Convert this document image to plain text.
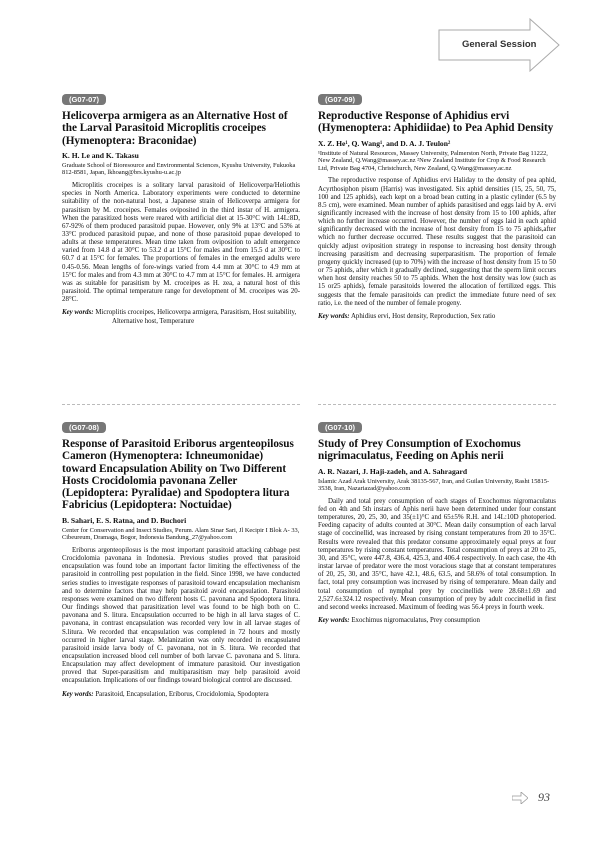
General Session
(G07-07)
Helicoverpa armigera as an Alternative Host of the Larval Parasitoid Microplitis croceipes (Hymenoptera: Braconidae)
K. H. Le and K. Takasu
Graduate School of Bioresource and Environmental Sciences, Kyushu University, Fukuoka 812-8581, Japan, lkhoang@brs.kyushu-u.ac.jp
Microplitis croceipes is a solitary larval parasitoid of Helicoverpa/Heliothis species in North America. Laboratory experiments were conducted to determine suitability of the non-natural host, a Japanese strain of Helicoverpa armigera for parasitism by M. croceipes. Females oviposited in the third instar of H. armigera. When the parasitized hosts were reared with artificial diet at 15-30°C with 14L:8D, 67-92% of them produced parasitoid pupae. However, only 9% at 13°C and 53% at 33°C produced parasitoid pupae, and none of those parasitoid pupae developed to adults at these temperatures. Mean time taken from oviposition to adult emergence varied from 14.8 d at 30°C to 53.2 d at 15°C for males and from 15.5 d at 30°C to 60.7 d at 15°C for females. The proportions of females in the emerged adults were 0.45-0.56. Mean lengths of fore-wings varied from 4.4 mm at 30°C to 4.9 mm at 15°C for males and from 4.3 mm at 30°C to 4.7 mm at 15°C for females. H. armigera was as suitable for parasitism by M. croceipes as H. zea, a natural host of this parasitoid. The optimal temperature range for development of M. croceipes was 20-28°C.
Key words: Microplitis croceipes, Helicoverpa armigera, Parasitism, Host suitability, Alternative host, Temperature
(G07-09)
Reproductive Response of Aphidius ervi (Hymenoptera: Aphidiidae) to Pea Aphid Density
X. Z. He¹, Q. Wang¹, and D. A. J. Teulon²
¹Institute of Natural Resources, Massey University, Palmerston North, Private Bag 11222, New Zealand, Q.Wang@massey.ac.nz ²New Zealand Institute for Crop & Food Research Ltd, Private Bag 4704, Christchurch, New Zealand, Q.Wang@massey.ac.nz
The reproductive response of Aphidius ervi Haliday to the density of pea aphid, Acyrthosiphon pisum (Harris) was investigated. Six aphid densities (15, 25, 50, 75, 100 and 125 aphids), each kept on a broad bean cutting in a plastic cylinder (6.5 by 8.5 cm), were examined. Mean number of aphids parasitised and eggs laid by A. ervi significantly increased with the increase of host density from 15 to 100 aphids, after which no further increase occurred. However, the number of eggs laid in each aphid significantly decreased with the increase of host density from 15 to 75 aphids,after which no further decrease occurred. These results suggest that the parasitoid can quickly adjust oviposition strategy in response to increasing host density through increasing parasitism and decreasing superparasitism. The proportion of female progeny quickly increased (up to 70%) with the increase of host density from 15 to 50 or 75 aphids, after which it gradually declined, suggesting that the sperm limit occurs when host density reaches 50 to 75 aphids. When the host density was low (such as 15 or25 aphids), female parasitoids lowered the allocation of fertilized eggs. This suggests that the female parasitoids can predict the immediate future need of sex ratio, i.e. the need of the number of female progeny.
Key words: Aphidius ervi, Host density, Reproduction, Sex ratio
(G07-08)
Response of Parasitoid Eriborus argenteopilosus Cameron (Hymenoptera: Ichneumonidae) toward Encapsulation Ability on Two Different Hosts Crocidolomia pavonana Zeller (Lepidoptera: Pyralidae) and Spodoptera litura Fabricius (Lepidoptera: Noctuidae)
B. Sahari, E. S. Ratna, and D. Buchori
Center for Conservation and Insect Studies, Perum. Alam Sinar Sari, Jl Kecipir I Blok A- 33, Cibeureum, Dramaga, Bogor, Indonesia Bandung_27@yahoo.com
Eriborus argenteopilosus is the most important parasitoid attacking cabbage pest Crocidolomia pavonana in Indonesia. Previous studies proved that parasitoid encapsulation was found tobe an important factor limiting the effectiveness of the parasitoid in controlling pest population in the field. Since 1998, we have conducted series studies to investigate responses of parasitoid toward encapsulation mechanism and to determine factors that may help parasitoid avoid encapsulation. Parasitoid responses were examined on two different hosts C. pavonana and Spodoptera litura. Our findings showed that parasitization level was found to be high both on C. pavonana and S. litura. Encapsulation occurred to be high in all larva stages of C. pavonana, in contrast encapsulation was recorded very low in all larvae stages of S.litura. We recorded that encapsulation was completed in 72 hours and mostly occurred in higher larval stage. Melanization was only recorded in encapsulated parasitoid inside larva body of C. pavonana, not in S. litura. We recorded that encapsulation increased blood cell number of both larvae C. pavonana and S. litura. Encapsulation may affect development of immature parasitoid. Our investigation proved that Super-parasitism and multiparasitism may help parasitoid avoid encapsulation. Implications of our findings toward biological control are discussed.
Key words: Parasitoid, Encapsulation, Eriborus, Crocidolomia, Spodoptera
(G07-10)
Study of Prey Consumption of Exochomus nigrimaculatus, Feeding on Aphis nerii
A. R. Nazari, J. Haji-zadeh, and A. Sahragard
Islamic Azad Arak University, Arak 38135-567, Iran, and Guilan University, Rasht 15815-3538, Iran, Nazariazad@yahoo.com
Daily and total prey consumption of each stages of Exochomus nigromaculatus fed on 4th and 5th instars of Aphis nerii have been determined under four constant temperatures, 20, 25, 30, and 35(±1)°C and 65±5% R.H. and 14L:10D photoperiod. Feeding capacity of adults counted at 30°C. Mean daily consumption of each larval stage of coccinellid, was increased by rising constant temperatures from 20 to 35°C. Results were revealed that this predator consume approximately equal preys at four temperatures by rising constant temperatures. Total consumption of preys at 20 to 25, 30, and 35°C, were 447.8, 436.4, 425.3, and 406.4 respectively. In each case, the 4th instar larvae of predator were the most voracious stage that at constant temperatures of 20, 25, 30, and 35°C, have 42.1, 48.6, 63.5, and 58.6% of total consumption. In fact, total prey consumption was increased by rising of temperature. Mean daily and total consumption of nymphal prey by coccinellids were 28.68±1.69 and 2,527.6±324.12 respectively. Mean consumption of prey by adult coccinellid in first and second weeks increased. Maximum of feeding was 56.4 preys in fourth week.
Key words: Exochimus nigromaculatus, Prey consumption
93
